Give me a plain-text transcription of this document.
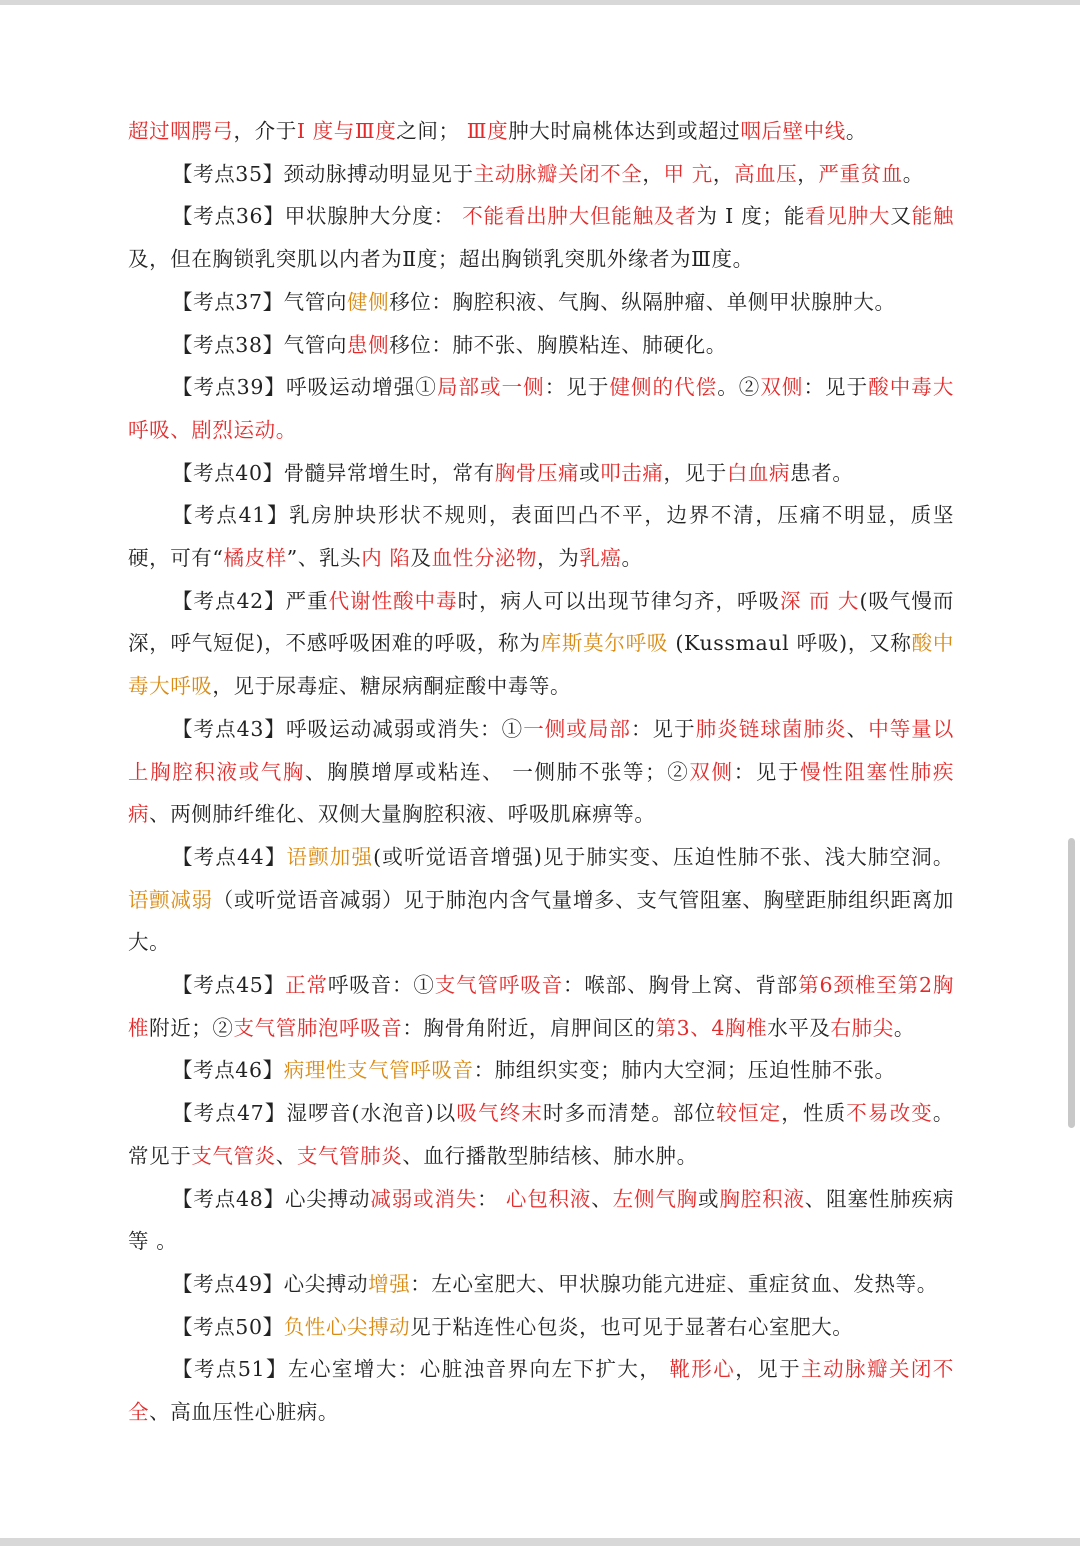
超过咽腭弓，介于Ⅰ 度与Ⅲ度之间； Ⅲ度肿大时扁桃体达到或超过咽后壁中线。

【考点35】颈动脉搏动明显见于主动脉瓣关闭不全，甲 亢，高血压，严重贫血。

【考点36】甲状腺肿大分度： 不能看出肿大但能触及者为 Ⅰ 度；能看见肿大又能触及，但在胸锁乳突肌以内者为Ⅱ度；超出胸锁乳突肌外缘者为Ⅲ度。

【考点37】气管向健侧移位：胸腔积液、气胸、纵隔肿瘤、单侧甲状腺肿大。

【考点38】气管向患侧移位：肺不张、胸膜粘连、肺硬化。

【考点39】呼吸运动增强①局部或一侧：见于健侧的代偿。②双侧：见于酸中毒大呼吸、剧烈运动。

【考点40】骨髓异常增生时，常有胸骨压痛或叩击痛，见于白血病患者。

【考点41】乳房肿块形状不规则，表面凹凸不平，边界不清，压痛不明显，质坚硬，可有“橘皮样”、乳头内 陷及血性分泌物，为乳癌。

【考点42】严重代谢性酸中毒时，病人可以出现节律匀齐，呼吸深 而 大(吸气慢而深，呼气短促)，不感呼吸困难的呼吸，称为库斯莫尔呼吸 (Kussmaul 呼吸)，又称酸中毒大呼吸，见于尿毒症、糖尿病酮症酸中毒等。

【考点43】呼吸运动减弱或消失：①一侧或局部：见于肺炎链球菌肺炎、中等量以上胸腔积液或气胸、胸膜增厚或粘连、 一侧肺不张等；②双侧：见于慢性阻塞性肺疾病、两侧肺纤维化、双侧大量胸腔积液、呼吸肌麻痹等。

【考点44】语颤加强(或听觉语音增强)见于肺实变、压迫性肺不张、浅大肺空洞。语颤减弱（或听觉语音减弱）见于肺泡内含气量增多、支气管阻塞、胸壁距肺组织距离加大。

【考点45】正常呼吸音：①支气管呼吸音：喉部、胸骨上窝、背部第6颈椎至第2胸椎附近；②支气管肺泡呼吸音：胸骨角附近，肩胛间区的第3、4胸椎水平及右肺尖。

【考点46】病理性支气管呼吸音：肺组织实变；肺内大空洞；压迫性肺不张。

【考点47】湿啰音(水泡音)以吸气终末时多而清楚。部位较恒定，性质不易改变。常见于支气管炎、支气管肺炎、血行播散型肺结核、肺水肿。

【考点48】心尖搏动减弱或消失： 心包积液、左侧气胸或胸腔积液、阻塞性肺疾病等 。

【考点49】心尖搏动增强：左心室肥大、甲状腺功能亢进症、重症贫血、发热等。

【考点50】负性心尖搏动见于粘连性心包炎，也可见于显著右心室肥大。

【考点51】左心室增大：心脏浊音界向左下扩大， 靴形心，见于主动脉瓣关闭不全、高血压性心脏病。
